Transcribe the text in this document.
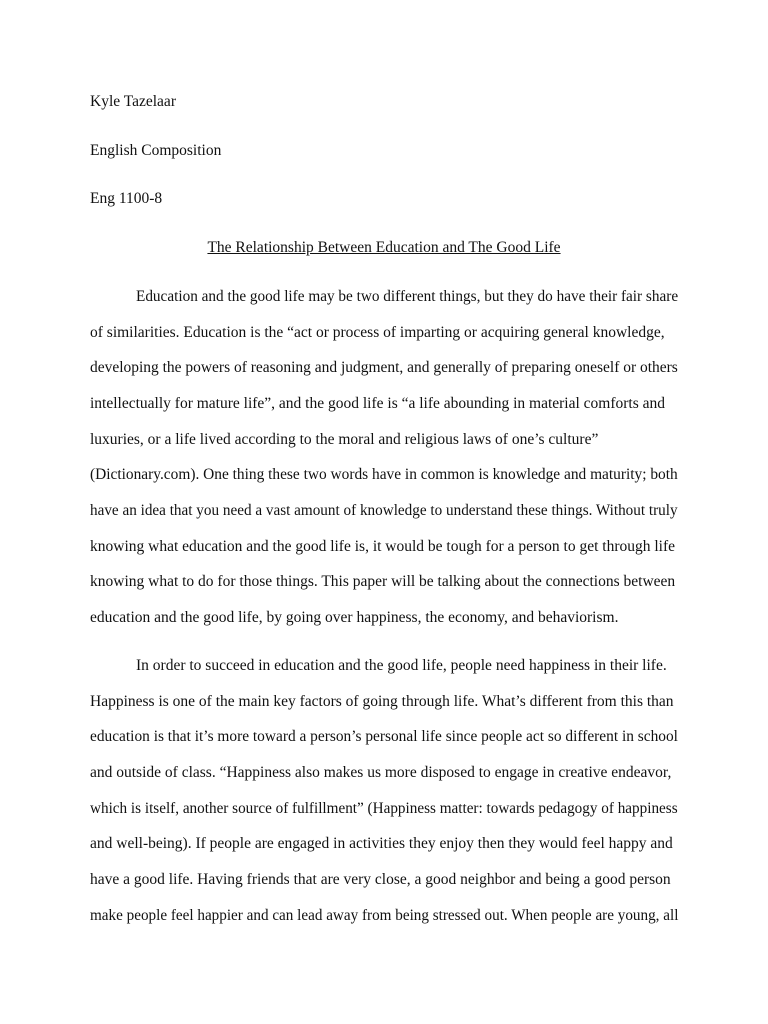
Kyle Tazelaar
English Composition
Eng 1100-8
The Relationship Between Education and The Good Life
Education and the good life may be two different things, but they do have their fair share
of similarities. Education is the “act or process of imparting or acquiring general knowledge,
developing the powers of reasoning and judgment, and generally of preparing oneself or others
intellectually for mature life”, and the good life is “a life abounding in material comforts and
luxuries, or a life lived according to the moral and religious laws of one’s culture”
(Dictionary.com). One thing these two words have in common is knowledge and maturity; both
have an idea that you need a vast amount of knowledge to understand these things. Without truly
knowing what education and the good life is, it would be tough for a person to get through life
knowing what to do for those things. This paper will be talking about the connections between
education and the good life, by going over happiness, the economy, and behaviorism.
In order to succeed in education and the good life, people need happiness in their life.
Happiness is one of the main key factors of going through life. What’s different from this than
education is that it’s more toward a person’s personal life since people act so different in school
and outside of class. “Happiness also makes us more disposed to engage in creative endeavor,
which is itself, another source of fulfillment” (Happiness matter: towards pedagogy of happiness
and well-being). If people are engaged in activities they enjoy then they would feel happy and
have a good life. Having friends that are very close, a good neighbor and being a good person
make people feel happier and can lead away from being stressed out. When people are young, all
